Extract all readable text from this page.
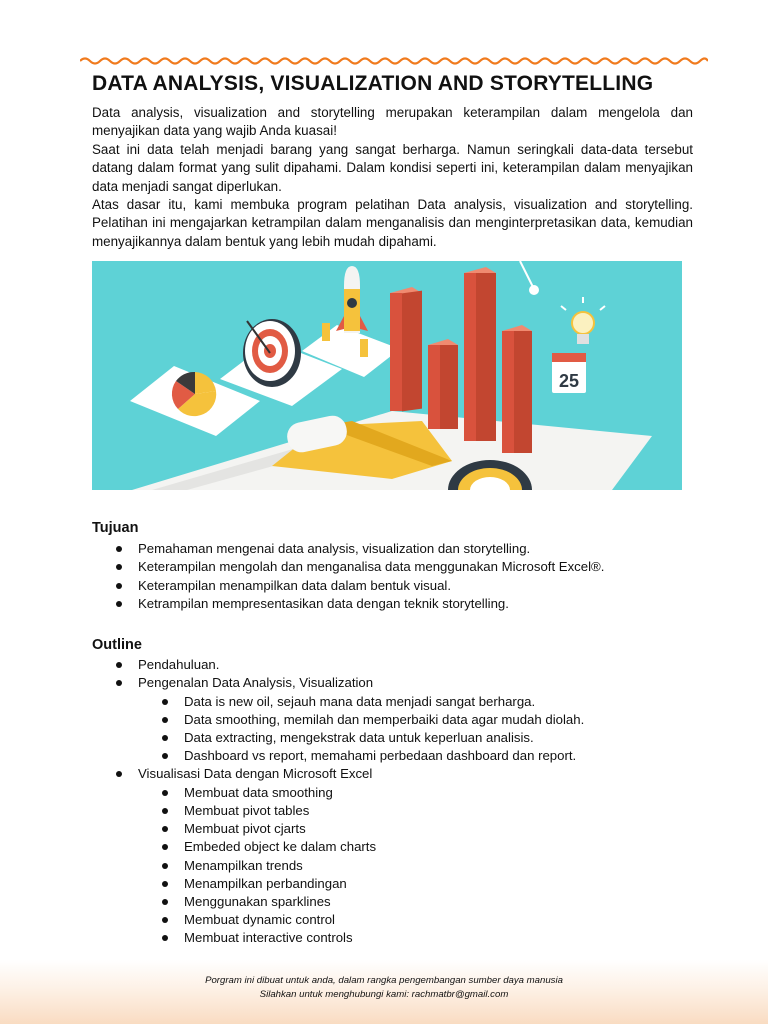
DATA ANALYSIS, VISUALIZATION AND STORYTELLING

Data analysis, visualization and storytelling merupakan keterampilan dalam mengelola dan menyajikan data yang wajib Anda kuasai!

Saat ini data telah menjadi barang yang sangat berharga. Namun seringkali data-data tersebut datang dalam format yang sulit dipahami. Dalam kondisi seperti ini, keterampilan dalam menyajikan data menjadi sangat diperlukan.

Atas dasar itu, kami membuka program pelatihan Data analysis, visualization and storytelling. Pelatihan ini mengajarkan ketrampilan dalam menganalisis dan menginterpretasikan data, kemudian menyajikannya dalam bentuk yang lebih mudah dipahami.

25
Tujuan
Pemahaman mengenai data analysis, visualization dan storytelling.
Keterampilan mengolah dan menganalisa data menggunakan Microsoft Excel®.
Keterampilan menampilkan data dalam bentuk visual.
Ketrampilan mempresentasikan data dengan teknik storytelling.
Outline
Pendahuluan.
Pengenalan Data Analysis, Visualization
Data is new oil, sejauh mana data menjadi sangat berharga.
Data smoothing, memilah dan memperbaiki data agar mudah diolah.
Data extracting, mengekstrak data untuk keperluan analisis.
Dashboard vs report, memahami perbedaan dashboard dan report.
Visualisasi Data dengan Microsoft Excel
Membuat data smoothing
Membuat pivot tables
Membuat pivot cjarts
Embeded object ke dalam charts
Menampilkan trends
Menampilkan perbandingan
Menggunakan sparklines
Membuat dynamic control
Membuat interactive controls
Porgram ini dibuat untuk anda, dalam rangka pengembangan sumber daya manusia
Silahkan untuk menghubungi kami: rachmatbr@gmail.com
